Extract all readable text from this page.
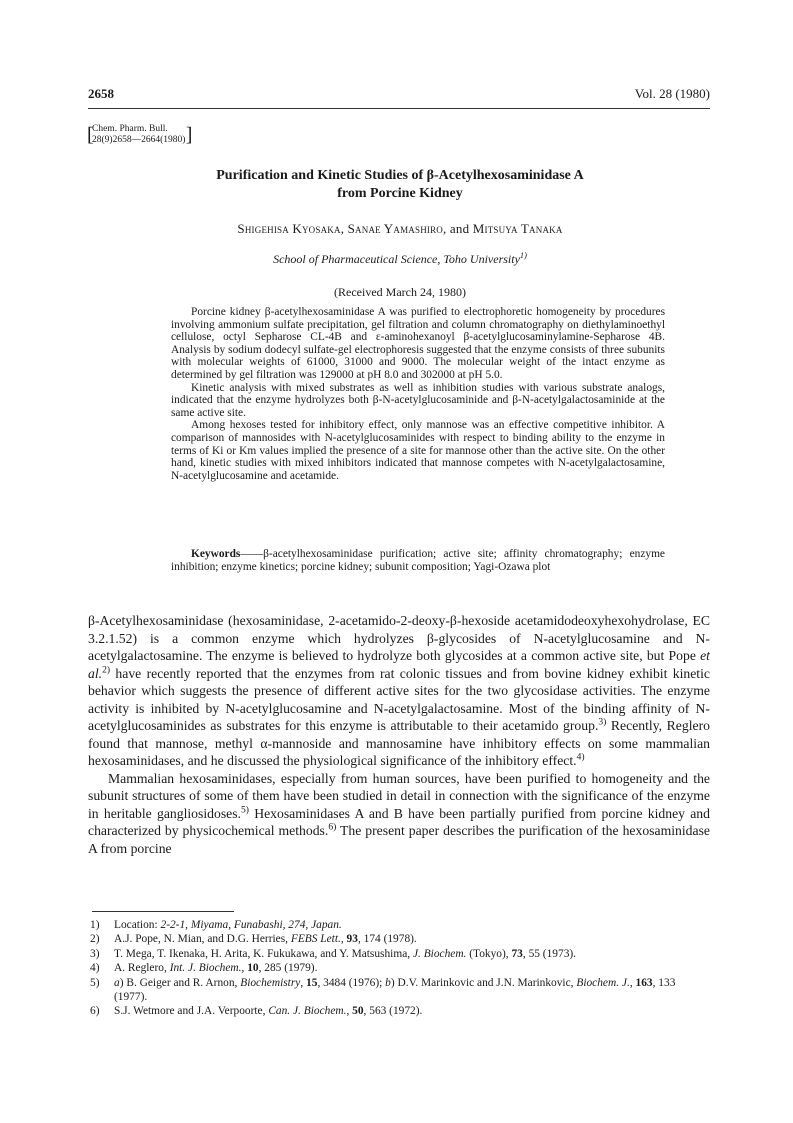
2658	Vol. 28 (1980)
[
Chem. Pharm. Bull.
28(9)2658—2664(1980) ]
Purification and Kinetic Studies of β-Acetylhexosaminidase A
from Porcine Kidney
Shigehisa Kyosaka, Sanae Yamashiro, and Mitsuya Tanaka
School of Pharmaceutical Science, Toho University$^{1)}$
(Received March 24, 1980)

Porcine kidney β-acetylhexosaminidase A was purified to electrophoretic homogeneity by procedures involving ammonium sulfate precipitation, gel filtration and column chromatography on diethylaminoethyl cellulose, octyl Sepharose CL-4B and ε-aminohexanoyl β-acetylglucosaminylamine-Sepharose 4B. Analysis by sodium dodecyl sulfate-gel electrophoresis suggested that the enzyme consists of three subunits with molecular weights of 61000, 31000 and 9000. The molecular weight of the intact enzyme as determined by gel filtration was 129000 at pH 8.0 and 302000 at pH 5.0.

Kinetic analysis with mixed substrates as well as inhibition studies with various substrate analogs, indicated that the enzyme hydrolyzes both β-N-acetylglucosaminide and β-N-acetylgalactosaminide at the same active site.

Among hexoses tested for inhibitory effect, only mannose was an effective competitive inhibitor. A comparison of mannosides with N-acetylglucosaminides with respect to binding ability to the enzyme in terms of Ki or Km values implied the presence of a site for mannose other than the active site. On the other hand, kinetic studies with mixed inhibitors indicated that mannose competes with N-acetylgalactosamine, N-acetylglucosamine and acetamide.

Keywords——β-acetylhexosaminidase purification; active site; affinity chromatography; enzyme inhibition; enzyme kinetics; porcine kidney; subunit composition; Yagi-Ozawa plot

β-Acetylhexosaminidase (hexosaminidase, 2-acetamido-2-deoxy-β-hexoside acetamidodeoxyhexohydrolase, EC 3.2.1.52) is a common enzyme which hydrolyzes β-glycosides of N-acetylglucosamine and N-acetylgalactosamine. The enzyme is believed to hydrolyze both glycosides at a common active site, but Pope et al.$^{2)}$ have recently reported that the enzymes from rat colonic tissues and from bovine kidney exhibit kinetic behavior which suggests the presence of different active sites for the two glycosidase activities. The enzyme activity is inhibited by N-acetylglucosamine and N-acetylgalactosamine. Most of the binding affinity of N-acetylglucosaminides as substrates for this enzyme is attributable to their acetamido group.$^{3)}$ Recently, Reglero found that mannose, methyl α-mannoside and mannosamine have inhibitory effects on some mammalian hexosaminidases, and he discussed the physiological significance of the inhibitory effect.$^{4)}$

Mammalian hexosaminidases, especially from human sources, have been purified to homogeneity and the subunit structures of some of them have been studied in detail in connection with the significance of the enzyme in heritable gangliosidoses.$^{5)}$ Hexosaminidases A and B have been partially purified from porcine kidney and characterized by physicochemical methods.$^{6)}$ The present paper describes the purification of the hexosaminidase A from porcine

1) Location: 2-2-1, Miyama, Funabashi, 274, Japan.
2) A.J. Pope, N. Mian, and D.G. Herries, FEBS Lett., 93, 174 (1978).
3) T. Mega, T. Ikenaka, H. Arita, K. Fukukawa, and Y. Matsushima, J. Biochem. (Tokyo), 73, 55 (1973).
4) A. Reglero, Int. J. Biochem., 10, 285 (1979).
5) a) B. Geiger and R. Arnon, Biochemistry, 15, 3484 (1976); b) D.V. Marinkovic and J.N. Marinkovic, Biochem. J., 163, 133 (1977).
6) S.J. Wetmore and J.A. Verpoorte, Can. J. Biochem., 50, 563 (1972).
